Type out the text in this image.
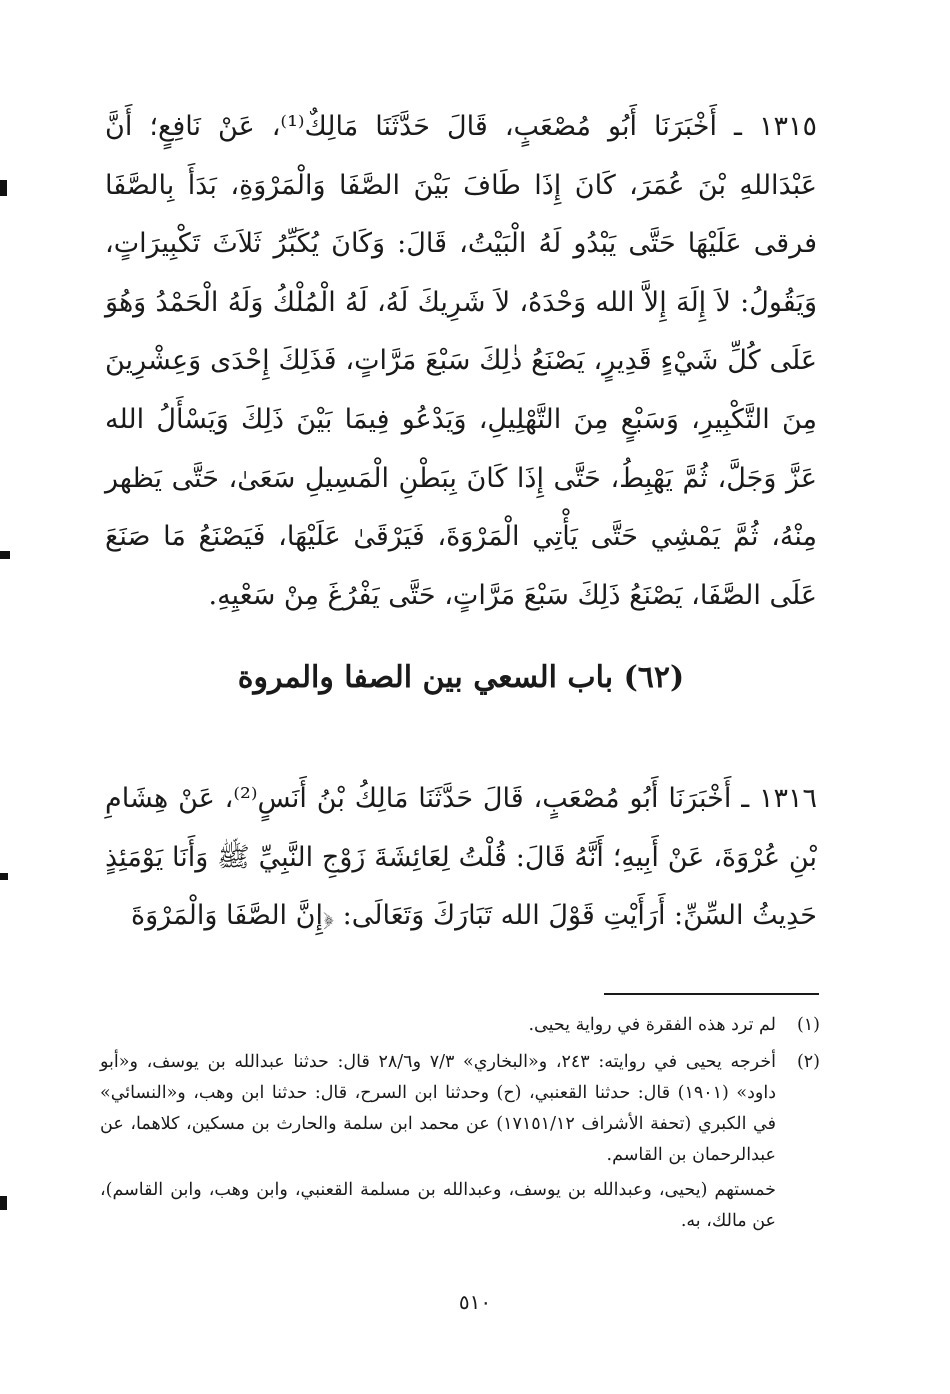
١٣١٥ ـ أَخْبَرَنَا أَبُو مُصْعَبٍ، قَالَ حَدَّثَنَا مَالِكٌ⁽¹⁾، عَنْ نَافِعٍ؛ أَنَّ عَبْدَاللهِ بْنَ عُمَرَ، كَانَ إِذَا طَافَ بَيْنَ الصَّفَا وَالْمَرْوَةِ، بَدَأَ بِالصَّفَا فرقى عَلَيْهَا حَتَّى يَبْدُو لَهُ الْبَيْتُ، قَالَ: وَكَانَ يُكَبِّرُ ثَلاَثَ تَكْبِيرَاتٍ، وَيَقُولُ: لاَ إِلَهَ إِلاَّ الله وَحْدَهُ، لاَ شَرِيكَ لَهُ، لَهُ الْمُلْكُ وَلَهُ الْحَمْدُ وَهُوَ عَلَى كُلِّ شَيْءٍ قَدِيرٍ، يَصْنَعُ ذٰلِكَ سَبْعَ مَرَّاتٍ، فَذَلِكَ إِحْدَى وَعِشْرِينَ مِنَ التَّكْبِيرِ، وَسَبْعٍ مِنَ التَّهْلِيلِ، وَيَدْعُو فِيمَا بَيْنَ ذَلِكَ وَيَسْأَلُ الله عَزَّ وَجَلَّ، ثُمَّ يَهْبِطُ، حَتَّى إِذَا كَانَ بِبَطْنِ الْمَسِيلِ سَعَىٰ، حَتَّى يَظهر مِنْهُ، ثُمَّ يَمْشِي حَتَّى يَأْتِي الْمَرْوَةَ، فَيَرْقَىٰ عَلَيْهَا، فَيَصْنَعُ مَا صَنَعَ عَلَى الصَّفَا، يَصْنَعُ ذَلِكَ سَبْعَ مَرَّاتٍ، حَتَّى يَفْرُغَ مِنْ سَعْيِهِ.

(٦٢) باب السعي بين الصفا والمروة

١٣١٦ ـ أَخْبَرَنَا أَبُو مُصْعَبٍ، قَالَ حَدَّثَنَا مَالِكُ بْنُ أَنَسٍ⁽²⁾، عَنْ هِشَامِ بْنِ عُرْوَةَ، عَنْ أَبِيهِ؛ أَنَّهُ قَالَ: قُلْتُ لِعَائِشَةَ زَوْجِ النَّبِيِّ ﷺ وَأَنَا يَوْمَئِذٍ حَدِيثُ السِّنِّ: أَرَأَيْتِ قَوْلَ الله تَبَارَكَ وَتَعَالَى: ﴿إِنَّ الصَّفَا وَالْمَرْوَةَ

(١)
لم ترد هذه الفقرة في رواية يحيى.
(٢)
أخرجه يحيى في روايته: ٢٤٣، و«البخاري» ٧/٣ و٢٨/٦ قال: حدثنا عبدالله بن يوسف، و«أبو داود» (١٩٠١) قال: حدثنا القعنبي، (ح) وحدثنا ابن السرح، قال: حدثنا ابن وهب، و«النسائي» في الكبري (تحفة الأشراف ١٧١٥١/١٢) عن محمد ابن سلمة والحارث بن مسكين، كلاهما، عن عبدالرحمان بن القاسم.
خمستهم (يحيى، وعبدالله بن يوسف، وعبدالله بن مسلمة القعنبي، وابن وهب، وابن القاسم)، عن مالك، به.
٥١٠
